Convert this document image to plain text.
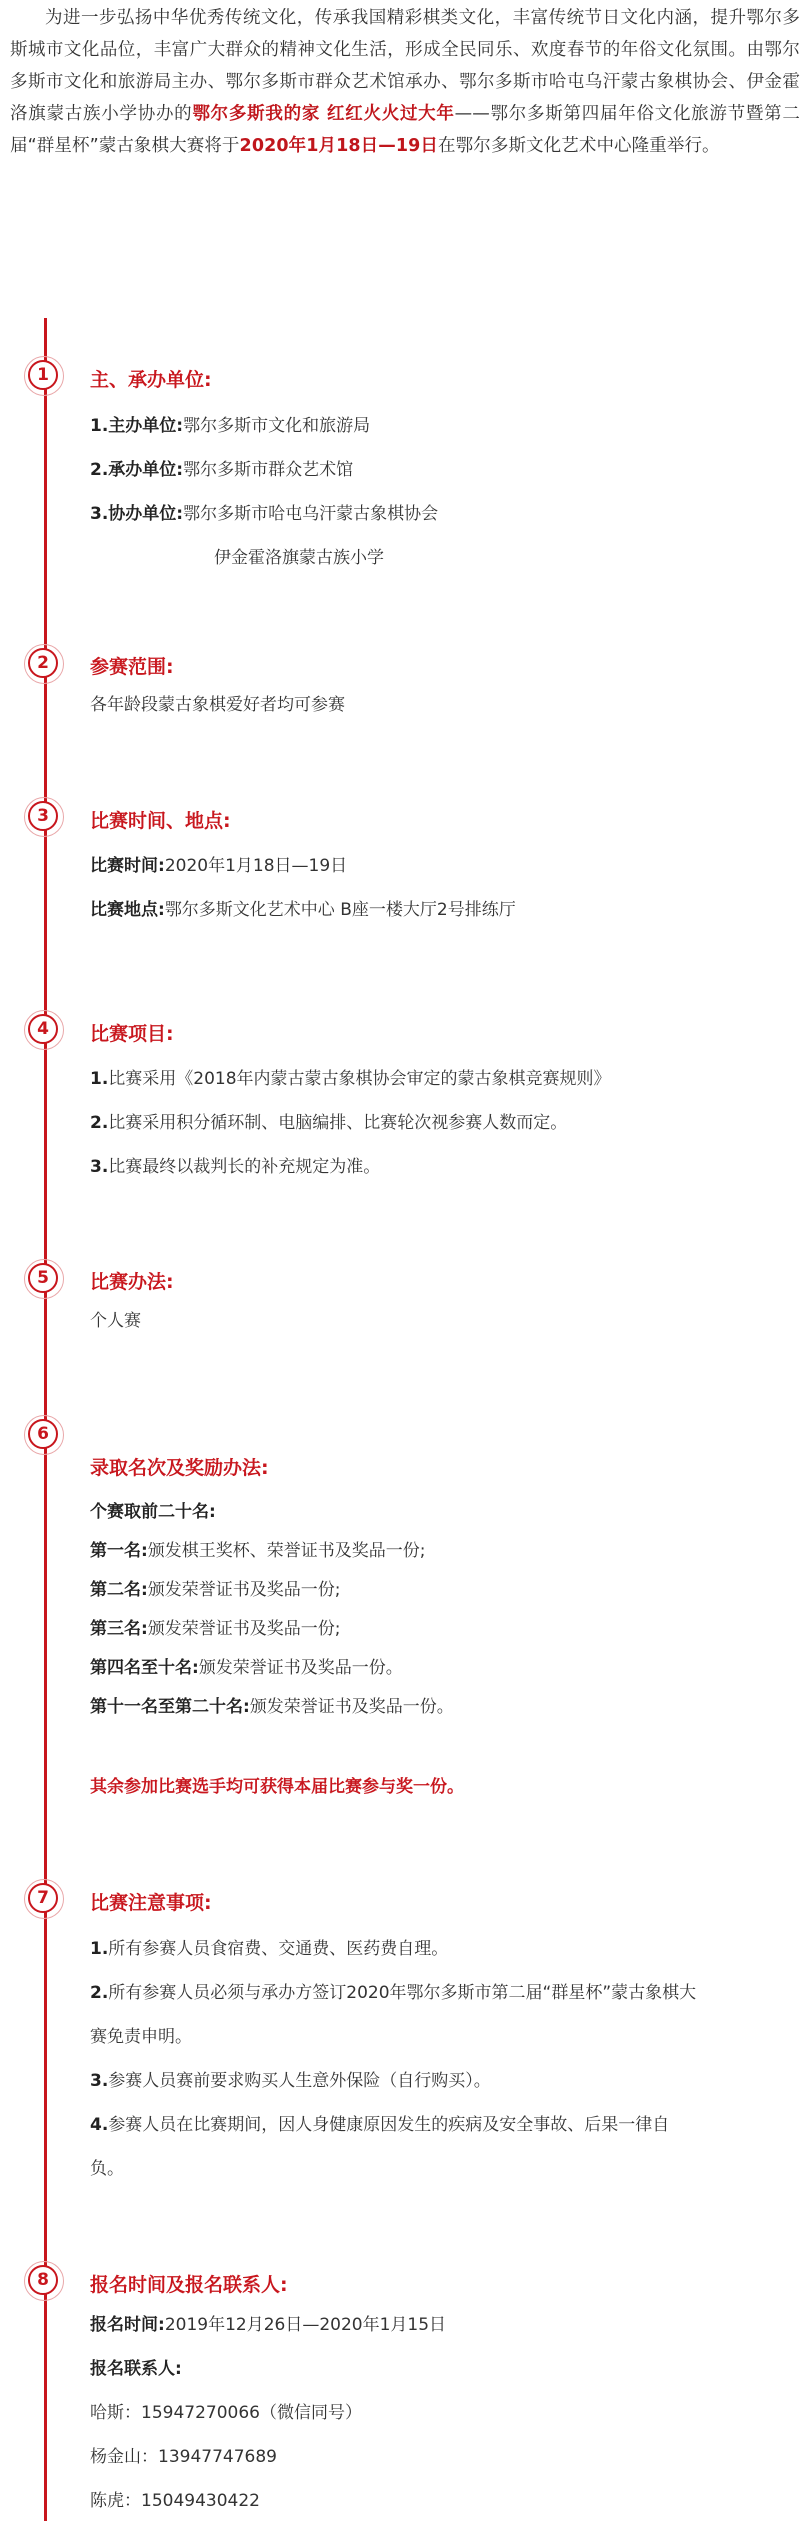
为进一步弘扬中华优秀传统文化，传承我国精彩棋类文化，丰富传统节日文化内涵，提升鄂尔多斯城市文化品位，丰富广大群众的精神文化生活，形成全民同乐、欢度春节的年俗文化氛围。由鄂尔多斯市文化和旅游局主办、鄂尔多斯市群众艺术馆承办、鄂尔多斯市哈屯乌汗蒙古象棋协会、伊金霍洛旗蒙古族小学协办的鄂尔多斯我的家 红红火火过大年——鄂尔多斯第四届年俗文化旅游节暨第二届“群星杯”蒙古象棋大赛将于2020年1月18日—19日在鄂尔多斯文化艺术中心隆重举行。
1	主、承办单位:
1.主办单位:鄂尔多斯市文化和旅游局
2.承办单位:鄂尔多斯市群众艺术馆
3.协办单位:鄂尔多斯市哈屯乌汗蒙古象棋协会
伊金霍洛旗蒙古族小学
2	参赛范围:
各年龄段蒙古象棋爱好者均可参赛
3	比赛时间、地点:
比赛时间:2020年1月18日—19日
比赛地点:鄂尔多斯文化艺术中心 B座一楼大厅2号排练厅
4	比赛项目:
1.比赛采用《2018年内蒙古蒙古象棋协会审定的蒙古象棋竞赛规则》
2.比赛采用积分循环制、电脑编排、比赛轮次视参赛人数而定。
3.比赛最终以裁判长的补充规定为准。
5	比赛办法:
个人赛
6
录取名次及奖励办法:
个赛取前二十名:
第一名:颁发棋王奖杯、荣誉证书及奖品一份;
第二名:颁发荣誉证书及奖品一份;
第三名:颁发荣誉证书及奖品一份;
第四名至十名:颁发荣誉证书及奖品一份。
第十一名至第二十名:颁发荣誉证书及奖品一份。
其余参加比赛选手均可获得本届比赛参与奖一份。
7	比赛注意事项:
1.所有参赛人员食宿费、交通费、医药费自理。
2.所有参赛人员必须与承办方签订2020年鄂尔多斯市第二届“群星杯”蒙古象棋大
赛免责申明。
3.参赛人员赛前要求购买人生意外保险（自行购买）。
4.参赛人员在比赛期间，因人身健康原因发生的疾病及安全事故、后果一律自
负。
8	报名时间及报名联系人:
报名时间:2019年12月26日—2020年1月15日
报名联系人:
哈斯：15947270066（微信同号）
杨金山：13947747689
陈虎：15049430422
